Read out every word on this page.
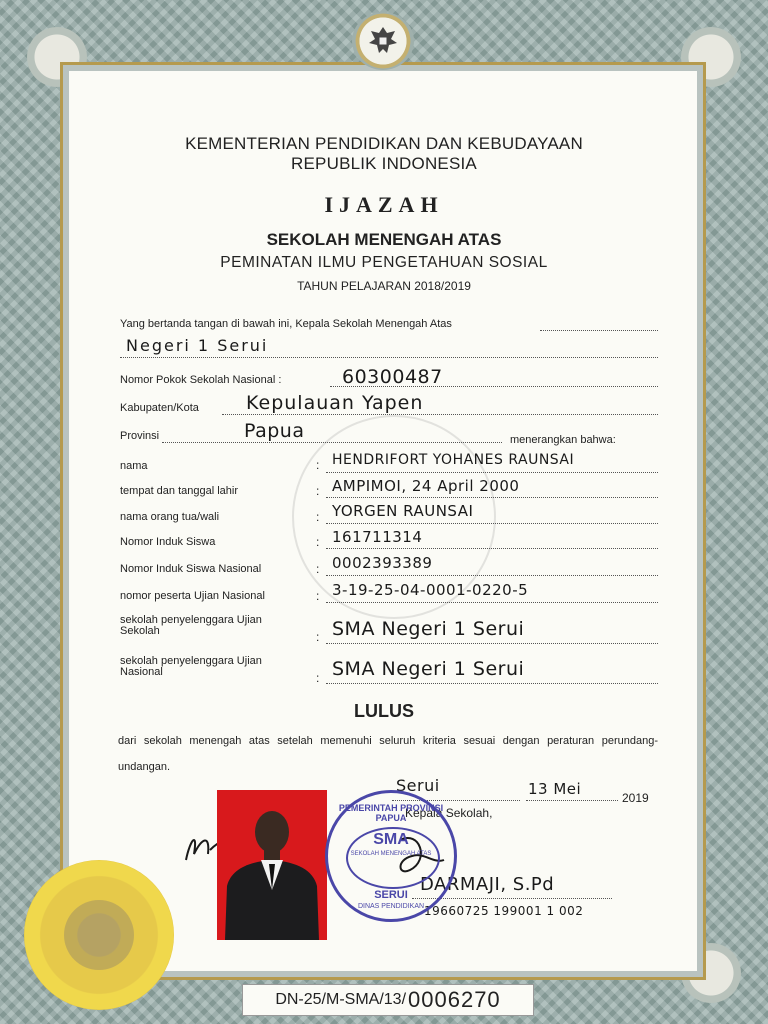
KEMENTERIAN PENDIDIKAN DAN KEBUDAYAAN
REPUBLIK INDONESIA
IJAZAH
SEKOLAH MENENGAH ATAS
PEMINATAN ILMU PENGETAHUAN SOSIAL
TAHUN PELAJARAN 2018/2019
Yang bertanda tangan di bawah ini, Kepala Sekolah Menengah Atas
Negeri 1 Serui
Nomor Pokok Sekolah Nasional :	60300487
Kabupaten/Kota Kepulauan Yapen
Provinsi	Papua	menerangkan bahwa:
nama	: HENDRIFORT YOHANES RAUNSAI
tempat dan tanggal lahir	: AMPIMOI, 24 April 2000
nama orang tua/wali	: YORGEN RAUNSAI
Nomor Induk Siswa	: 161711314
Nomor Induk Siswa Nasional	: 0002393389
nomor peserta Ujian Nasional	: 3-19-25-04-0001-0220-5
sekolah penyelenggara Ujian
Sekolah	: SMA Negeri 1 Serui
sekolah penyelenggara Ujian
Nasional	: SMA Negeri 1 Serui
LULUS
dari sekolah menengah atas setelah memenuhi seluruh kriteria sesuai dengan peraturan perundang-undangan.
Serui	13 Mei	2019
Kepala Sekolah,
DARMAJI, S.Pd
19660725 199001 1 002
PEMERINTAH PROVINSI PAPUA
SMA
SEKOLAH MENENGAH ATAS
SERUI
DINAS PENDIDIKAN
DN-25/M-SMA/13/ 0006270
